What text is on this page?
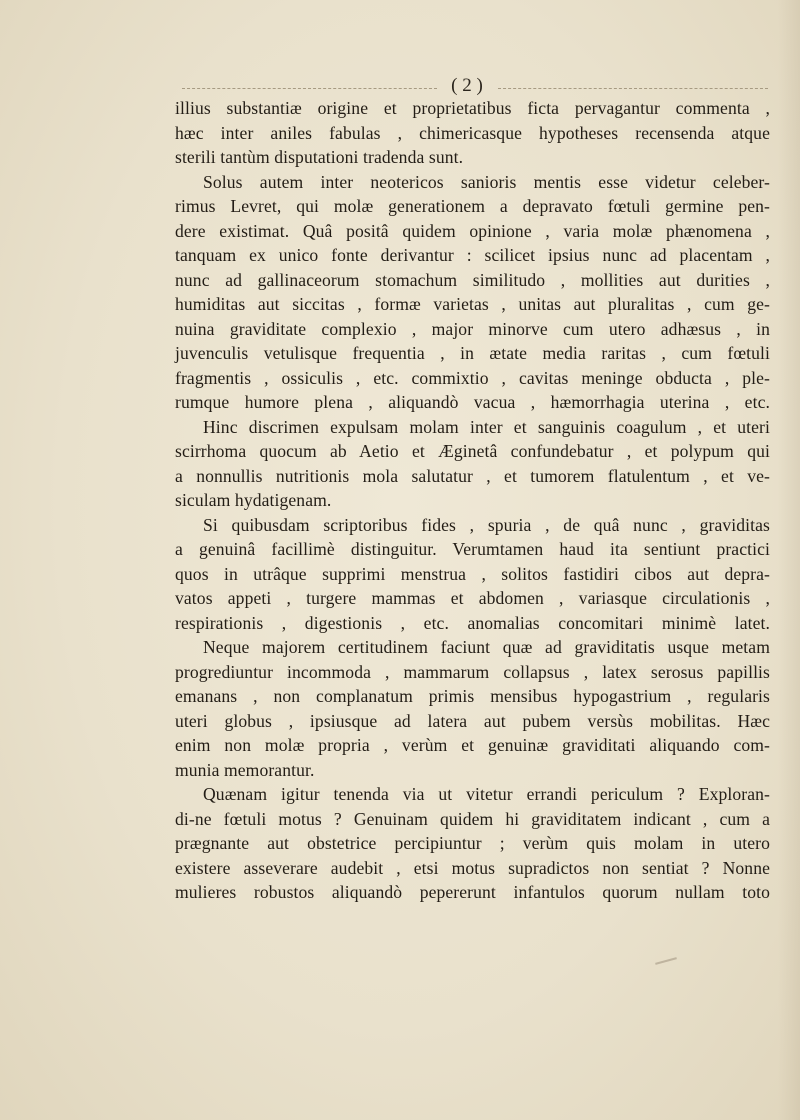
( 2 )
illius substantiæ origine et proprietatibus ficta pervagantur commenta ,
hæc inter aniles fabulas , chimericasque hypotheses recensenda atque
sterili tantùm disputationi tradenda sunt.
Solus autem inter neotericos sanioris mentis esse videtur celeber-
rimus Levret, qui molæ generationem a depravato fœtuli germine pen-
dere existimat. Quâ positâ quidem opinione , varia molæ phænomena ,
tanquam ex unico fonte derivantur : scilicet ipsius nunc ad placentam ,
nunc ad gallinaceorum stomachum similitudo , mollities aut durities ,
humiditas aut siccitas , formæ varietas , unitas aut pluralitas , cum ge-
nuina graviditate complexio , major minorve cum utero adhæsus , in
juvenculis vetulisque frequentia , in ætate media raritas , cum fœtuli
fragmentis , ossiculis , etc. commixtio , cavitas meninge obducta , ple-
rumque humore plena , aliquandò vacua , hæmorrhagia uterina , etc.
Hinc discrimen expulsam molam inter et sanguinis coagulum , et uteri
scirrhoma quocum ab Aetio et Æginetâ confundebatur , et polypum qui
a nonnullis nutritionis mola salutatur , et tumorem flatulentum , et ve-
siculam hydatigenam.
Si quibusdam scriptoribus fides , spuria , de quâ nunc , graviditas
a genuinâ facillimè distinguitur. Verumtamen haud ita sentiunt practici
quos in utrâque supprimi menstrua , solitos fastidiri cibos aut depra-
vatos appeti , turgere mammas et abdomen , variasque circulationis ,
respirationis , digestionis , etc. anomalias concomitari minimè latet.
Neque majorem certitudinem faciunt quæ ad graviditatis usque metam
progrediuntur incommoda , mammarum collapsus , latex serosus papillis
emanans , non complanatum primis mensibus hypogastrium , regularis
uteri globus , ipsiusque ad latera aut pubem versùs mobilitas. Hæc
enim non molæ propria , verùm et genuinæ graviditati aliquando com-
munia memorantur.
Quænam igitur tenenda via ut vitetur errandi periculum ? Exploran-
di-ne fœtuli motus ? Genuinam quidem hi graviditatem indicant , cum a
prægnante aut obstetrice percipiuntur ; verùm quis molam in utero
existere asseverare audebit , etsi motus supradictos non sentiat ? Nonne
mulieres robustos aliquandò pepererunt infantulos quorum nullam toto
